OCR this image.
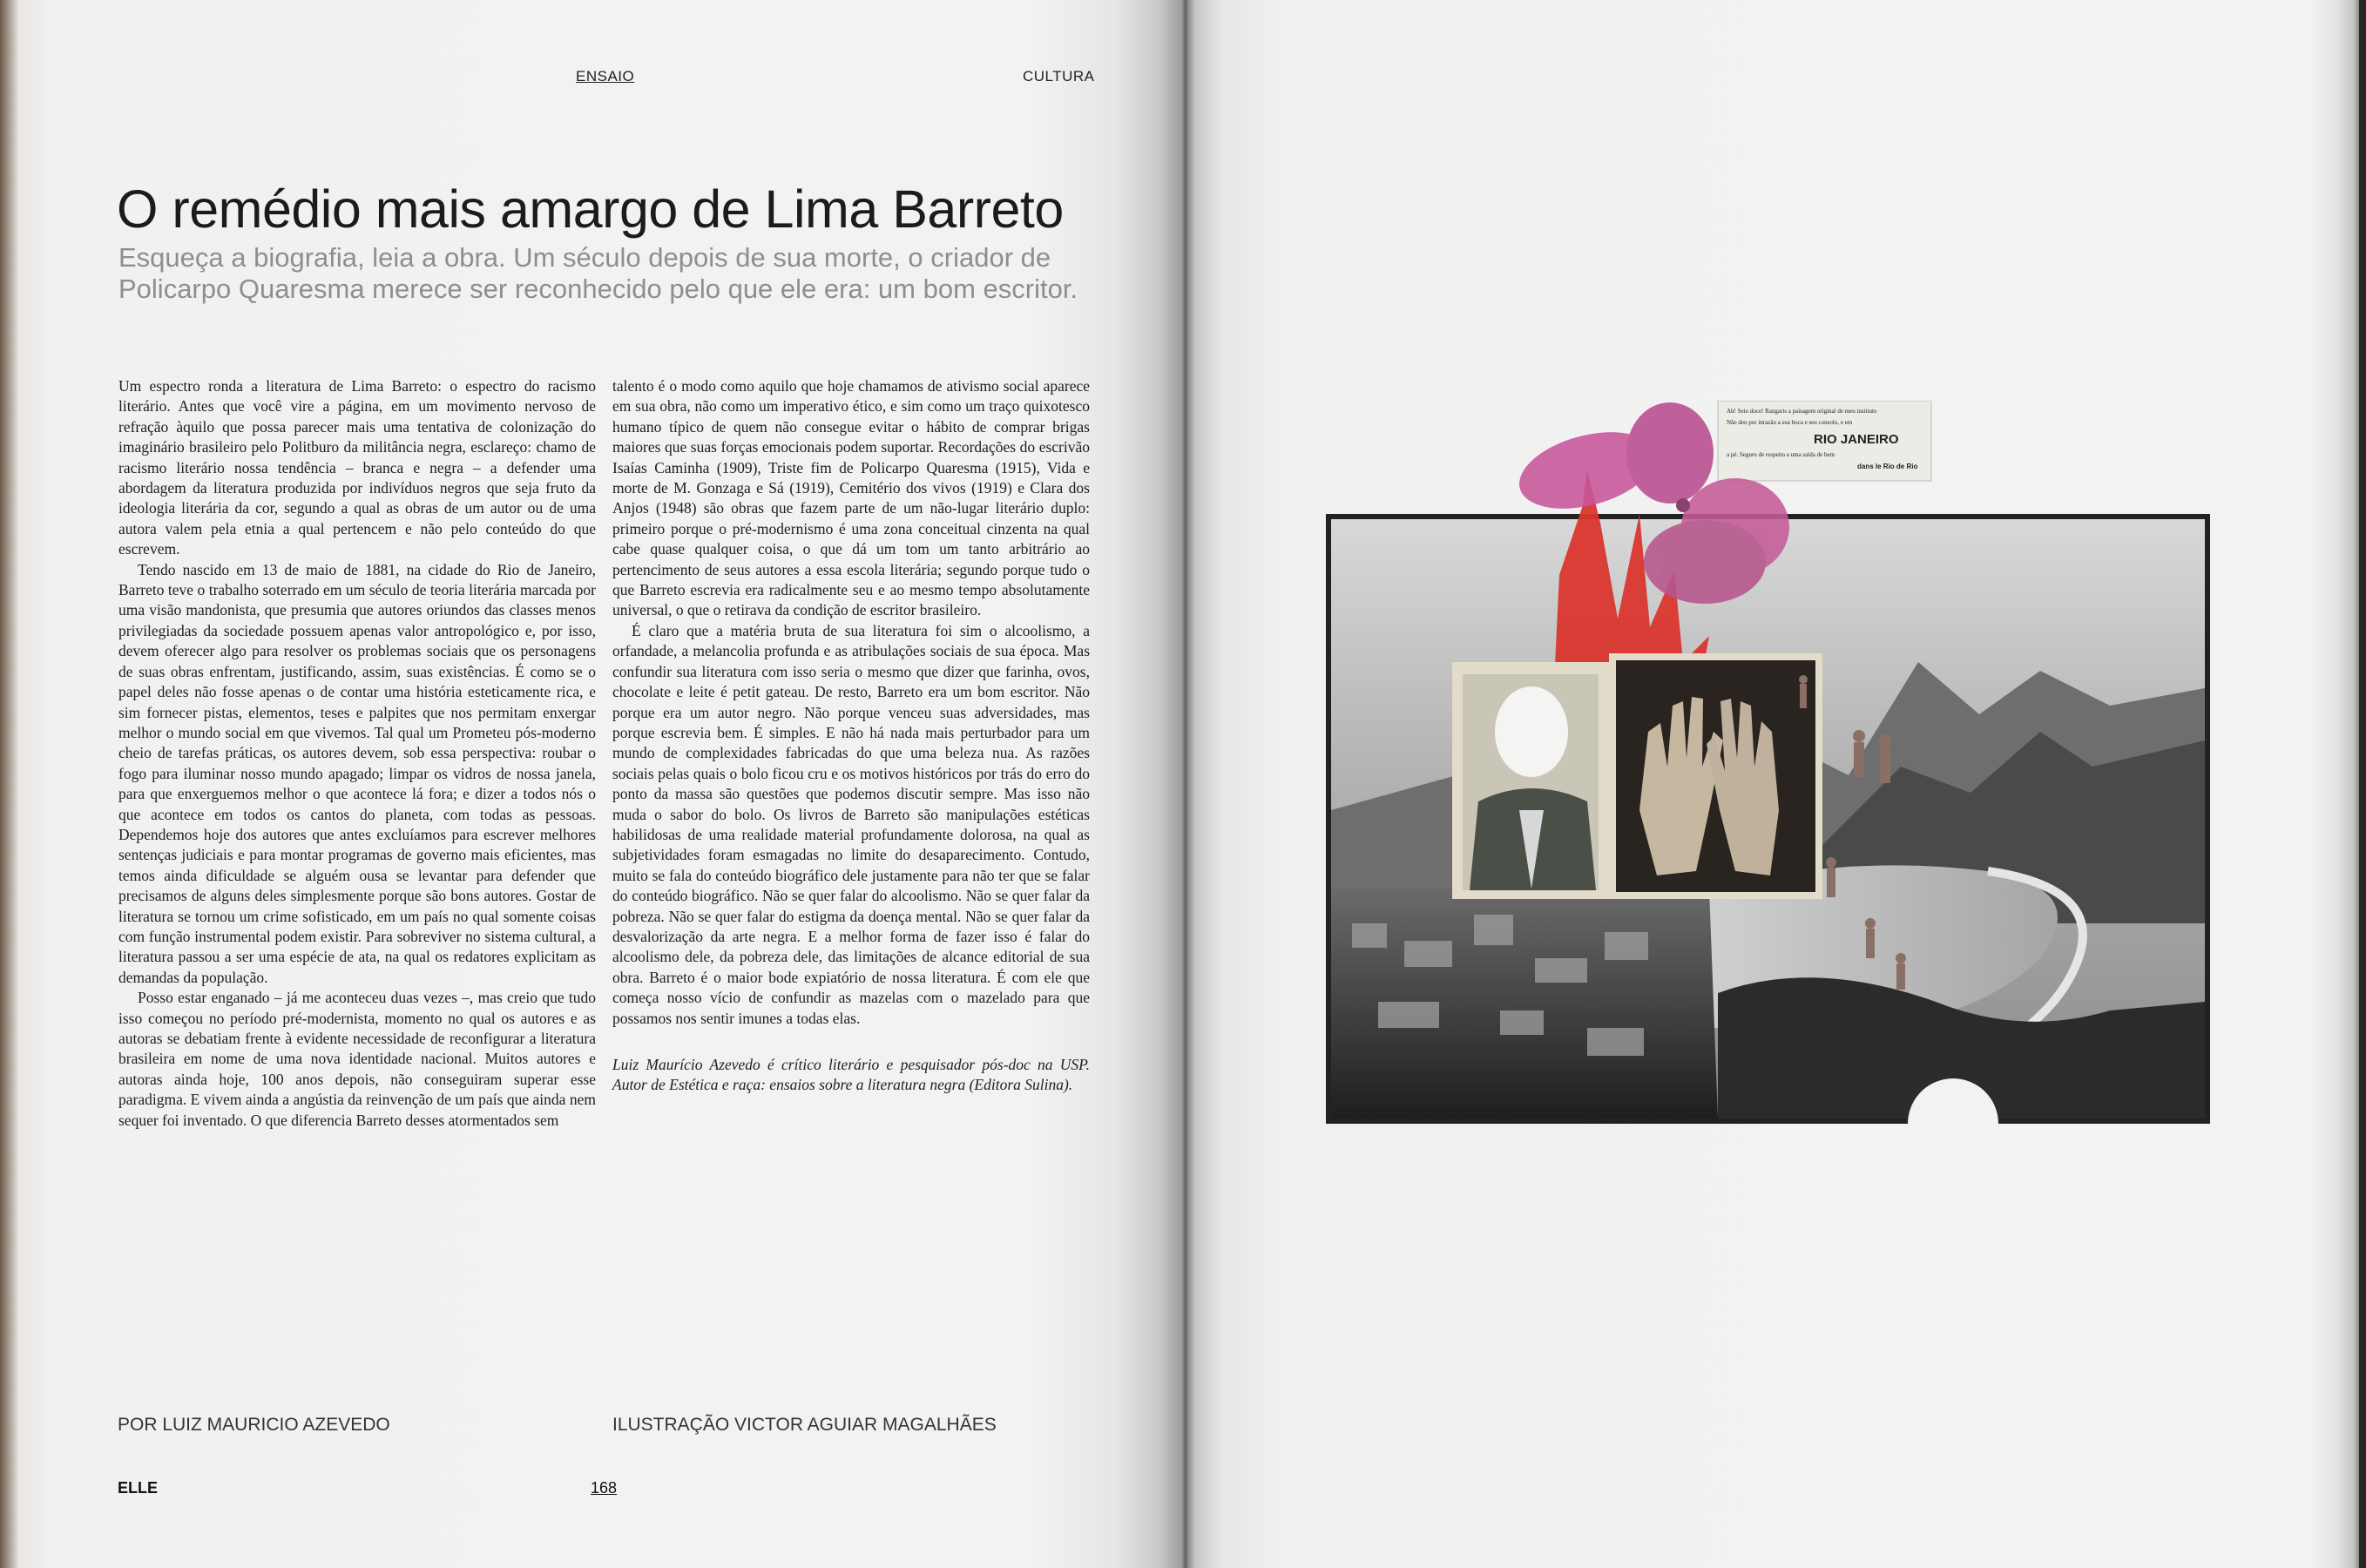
ENSAIO	CULTURA
O remédio mais amargo de Lima Barreto
Esqueça a biografia, leia a obra. Um século depois de sua morte, o criador de Policarpo Quaresma merece ser reconhecido pelo que ele era: um bom escritor.

Um espectro ronda a literatura de Lima Barreto: o espectro do racismo literário. Antes que você vire a página, em um movimento nervoso de refração àquilo que possa parecer mais uma tentativa de colonização do imaginário brasileiro pelo Politburo da militância negra, esclareço: chamo de racismo literário nossa tendência – branca e negra – a defender uma abordagem da literatura produzida por indivíduos negros que seja fruto da ideologia literária da cor, segundo a qual as obras de um autor ou de uma autora valem pela etnia a qual pertencem e não pelo conteúdo do que escrevem.

Tendo nascido em 13 de maio de 1881, na cidade do Rio de Janeiro, Barreto teve o trabalho soterrado em um século de teoria literária marcada por uma visão mandonista, que presumia que autores oriundos das classes menos privilegiadas da sociedade possuem apenas valor antropológico e, por isso, devem oferecer algo para resolver os problemas sociais que os personagens de suas obras enfrentam, justificando, assim, suas existências. É como se o papel deles não fosse apenas o de contar uma história esteticamente rica, e sim fornecer pistas, elementos, teses e palpites que nos permitam enxergar melhor o mundo social em que vivemos. Tal qual um Prometeu pós-moderno cheio de tarefas práticas, os autores devem, sob essa perspectiva: roubar o fogo para iluminar nosso mundo apagado; limpar os vidros de nossa janela, para que enxerguemos melhor o que acontece lá fora; e dizer a todos nós o que acontece em todos os cantos do planeta, com todas as pessoas. Dependemos hoje dos autores que antes excluíamos para escrever melhores sentenças judiciais e para montar programas de governo mais eficientes, mas temos ainda dificuldade se alguém ousa se levantar para defender que precisamos de alguns deles simplesmente porque são bons autores. Gostar de literatura se tornou um crime sofisticado, em um país no qual somente coisas com função instrumental podem existir. Para sobreviver no sistema cultural, a literatura passou a ser uma espécie de ata, na qual os redatores explicitam as demandas da população.

Posso estar enganado – já me aconteceu duas vezes –, mas creio que tudo isso começou no período pré-modernista, momento no qual os autores e as autoras se debatiam frente à evidente necessidade de reconfigurar a literatura brasileira em nome de uma nova identidade nacional. Muitos autores e autoras ainda hoje, 100 anos depois, não conseguiram superar esse paradigma. E vivem ainda a angústia da reinvenção de um país que ainda nem sequer foi inventado. O que diferencia Barreto desses atormentados sem

talento é o modo como aquilo que hoje chamamos de ativismo social aparece em sua obra, não como um imperativo ético, e sim como um traço quixotesco humano típico de quem não consegue evitar o hábito de comprar brigas maiores que suas forças emocionais podem suportar. Recordações do escrivão Isaías Caminha (1909), Triste fim de Policarpo Quaresma (1915), Vida e morte de M. Gonzaga e Sá (1919), Cemitério dos vivos (1919) e Clara dos Anjos (1948) são obras que fazem parte de um não-lugar literário duplo: primeiro porque o pré-modernismo é uma zona conceitual cinzenta na qual cabe quase qualquer coisa, o que dá um tom um tanto arbitrário ao pertencimento de seus autores a essa escola literária; segundo porque tudo o que Barreto escrevia era radicalmente seu e ao mesmo tempo absolutamente universal, o que o retirava da condição de escritor brasileiro.

É claro que a matéria bruta de sua literatura foi sim o alcoolismo, a orfandade, a melancolia profunda e as atribulações sociais de sua época. Mas confundir sua literatura com isso seria o mesmo que dizer que farinha, ovos, chocolate e leite é petit gateau. De resto, Barreto era um bom escritor. Não porque era um autor negro. Não porque venceu suas adversidades, mas porque escrevia bem. É simples. E não há nada mais perturbador para um mundo de complexidades fabricadas do que uma beleza nua. As razões sociais pelas quais o bolo ficou cru e os motivos históricos por trás do erro do ponto da massa são questões que podemos discutir sempre. Mas isso não muda o sabor do bolo. Os livros de Barreto são manipulações estéticas habilidosas de uma realidade material profundamente dolorosa, na qual as subjetividades foram esmagadas no limite do desaparecimento. Contudo, muito se fala do conteúdo biográfico dele justamente para não ter que se falar do conteúdo biográfico. Não se quer falar do alcoolismo. Não se quer falar da pobreza. Não se quer falar do estigma da doença mental. Não se quer falar da desvalorização da arte negra. E a melhor forma de fazer isso é falar do alcoolismo dele, da pobreza dele, das limitações de alcance editorial de sua obra. Barreto é o maior bode expiatório de nossa literatura. É com ele que começa nosso vício de confundir as mazelas com o mazelado para que possamos nos sentir imunes a todas elas.

Luiz Maurício Azevedo é crítico literário e pesquisador pós-doc na USP. Autor de Estética e raça: ensaios sobre a literatura negra (Editora Sulina).

POR LUIZ MAURICIO AZEVEDO	ILUSTRAÇÃO VICTOR AGUIAR MAGALHÃES
ELLE	168
Ah! Seio doce! Rangaris a paisagem original de meu instituto
Não deu por inrazão a sua boca e seu consolo, e em
RIO JANEIRO
a pé. Seguro de respeito a uma saída de bem
dans le Rio de Rio
